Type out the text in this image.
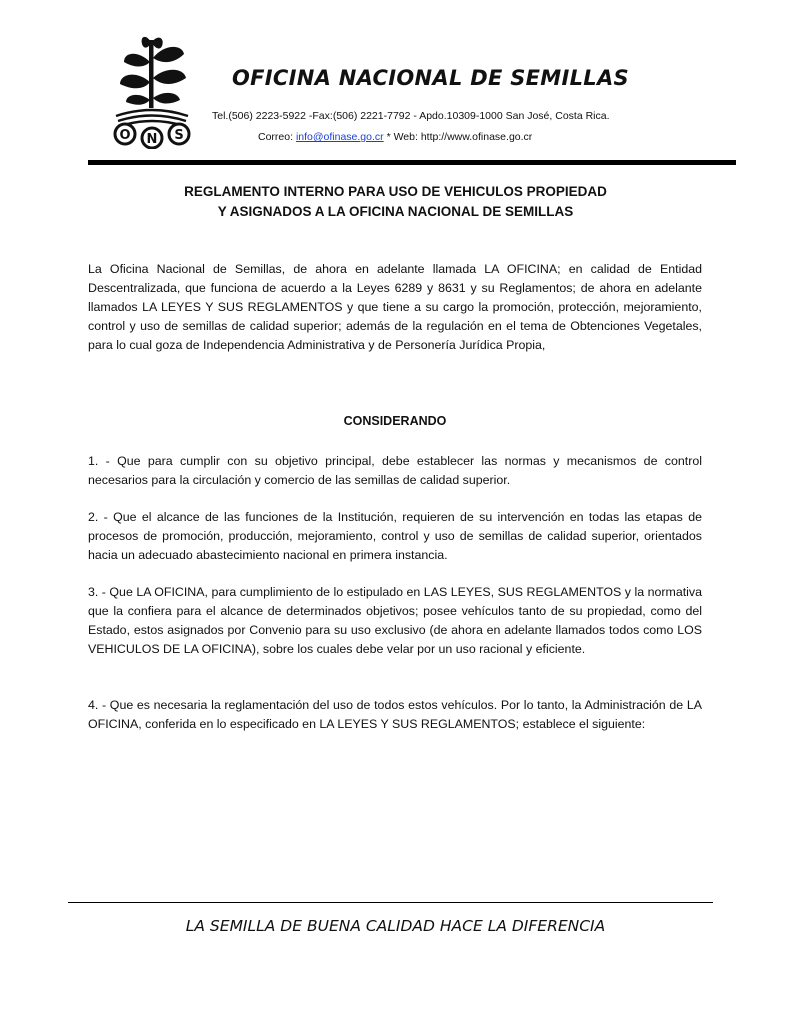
O N S
OFICINA NACIONAL DE SEMILLAS
Tel.(506) 2223-5922 -Fax:(506) 2221-7792 - Apdo.10309-1000 San José, Costa Rica.
Correo: info@ofinase.go.cr * Web: http://www.ofinase.go.cr
REGLAMENTO INTERNO PARA USO DE VEHICULOS PROPIEDAD
Y ASIGNADOS A LA OFICINA NACIONAL DE SEMILLAS

La Oficina Nacional de Semillas, de ahora en adelante llamada LA OFICINA; en calidad de Entidad Descentralizada, que funciona de acuerdo a la Leyes 6289 y 8631 y su Reglamentos; de ahora en adelante llamados LA LEYES Y SUS REGLAMENTOS y que tiene a su cargo la promoción, protección, mejoramiento, control y uso de semillas de calidad superior; además de la regulación en el tema de Obtenciones Vegetales, para lo cual goza de Independencia Administrativa y de Personería Jurídica Propia,

CONSIDERANDO

1. - Que para cumplir con su objetivo principal, debe establecer las normas y mecanismos de control necesarios para la circulación y comercio de las semillas de calidad superior.

2. - Que el alcance de las funciones de la Institución, requieren de su intervención en todas las etapas de procesos de promoción, producción, mejoramiento, control y uso de semillas de calidad superior, orientados hacia un adecuado abastecimiento nacional en primera instancia.

3. - Que LA OFICINA, para cumplimiento de lo estipulado en LAS LEYES, SUS REGLAMENTOS y la normativa que la confiera para el alcance de determinados objetivos; posee vehículos tanto de su propiedad, como del Estado, estos asignados por Convenio para su uso exclusivo (de ahora en adelante llamados todos como LOS VEHICULOS DE LA OFICINA), sobre los cuales debe velar por un uso racional y eficiente.

4. - Que es necesaria la reglamentación del uso de todos estos vehículos. Por lo tanto, la Administración de LA OFICINA, conferida en lo especificado en LA LEYES Y SUS REGLAMENTOS; establece el siguiente:

LA SEMILLA DE BUENA CALIDAD HACE LA DIFERENCIA
